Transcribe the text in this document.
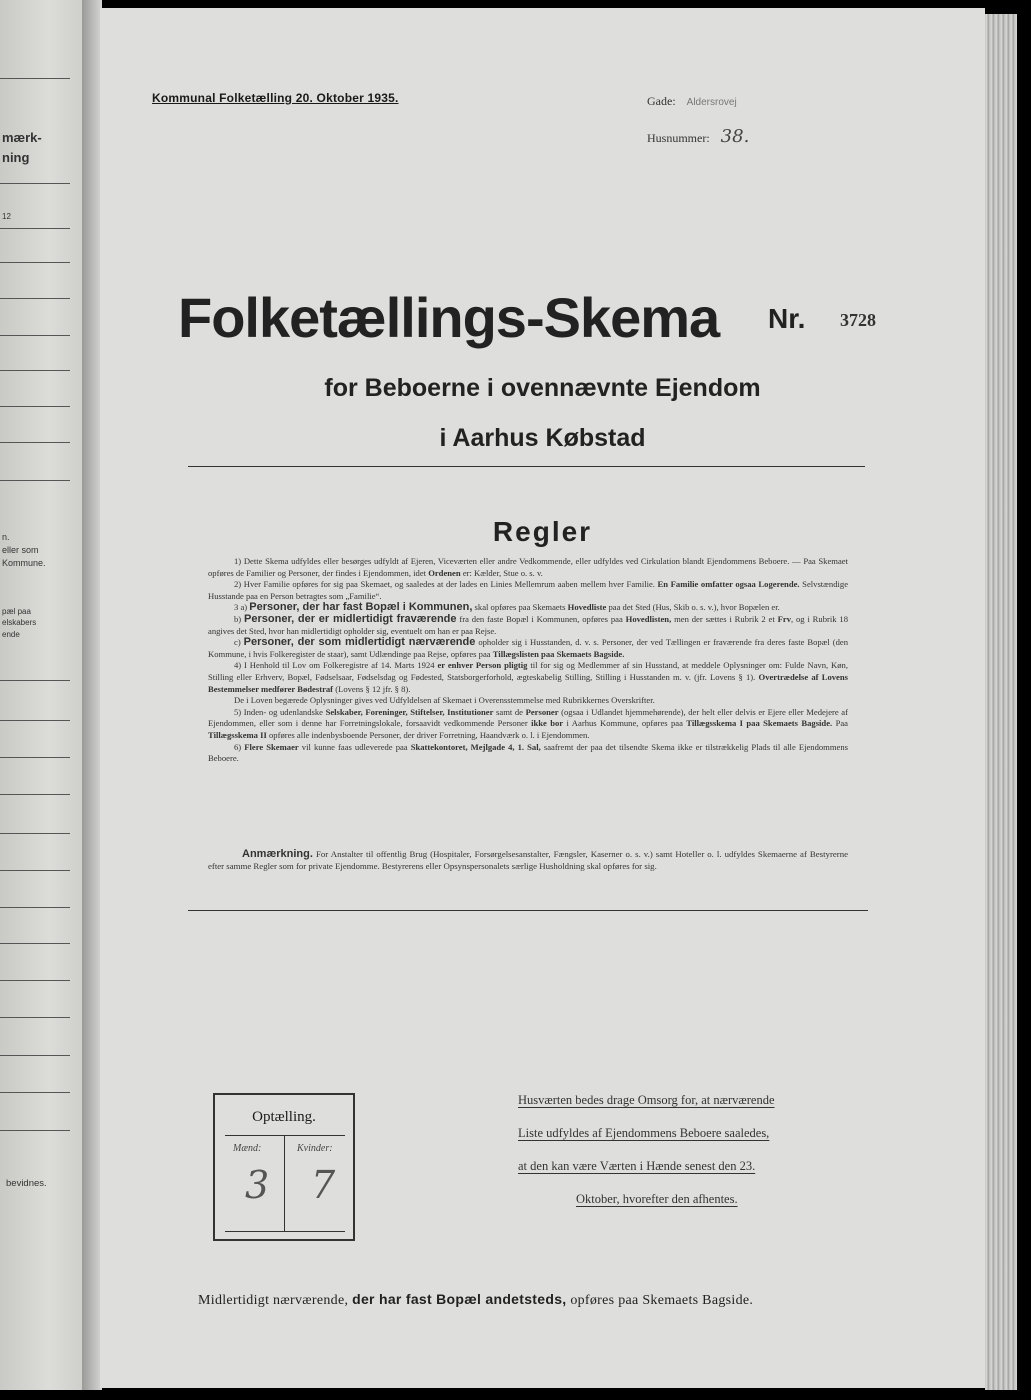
mærk-
ning
12
n.
eller som
Kommune.
pæl paa
elskabers
ende
bevidnes.
Kommunal Folketælling 20. Oktober 1935.	Gade: Aldersrovej
Husnummer: 38.
Folketællings-Skema Nr. 3728
for Beboerne i ovennævnte Ejendom
i Aarhus Købstad
Regler

1) Dette Skema udfyldes eller besørges udfyldt af Ejeren, Viceværten eller andre Vedkommende, eller udfyldes ved Cirkulation blandt Ejendommens Beboere. — Paa Skemaet opføres de Familier og Personer, der findes i Ejendommen, idet Ordenen er: Kælder, Stue o. s. v.

2) Hver Familie opføres for sig paa Skemaet, og saaledes at der lades en Linies Mellemrum aaben mellem hver Familie. En Familie omfatter ogsaa Logerende. Selvstændige Husstande paa en Person betragtes som „Familie“.

3 a) Personer, der har fast Bopæl i Kommunen, skal opføres paa Skemaets Hovedliste paa det Sted (Hus, Skib o. s. v.), hvor Bopælen er.

b) Personer, der er midlertidigt fraværende fra den faste Bopæl i Kommunen, opføres paa Hovedlisten, men der sættes i Rubrik 2 et Frv, og i Rubrik 18 angives det Sted, hvor han midlertidigt opholder sig, eventuelt om han er paa Rejse.

c) Personer, der som midlertidigt nærværende opholder sig i Husstanden, d. v. s. Personer, der ved Tællingen er fraværende fra deres faste Bopæl (den Kommune, i hvis Folkeregister de staar), samt Udlændinge paa Rejse, opføres paa Tillægslisten paa Skemaets Bagside.

4) I Henhold til Lov om Folkeregistre af 14. Marts 1924 er enhver Person pligtig til for sig og Medlemmer af sin Husstand, at meddele Oplysninger om: Fulde Navn, Køn, Stilling eller Erhverv, Bopæl, Fødselsaar, Fødselsdag og Fødested, Statsborgerforhold, ægteskabelig Stilling, Stilling i Husstanden m. v. (jfr. Lovens § 1). Overtrædelse af Lovens Bestemmelser medfører Bødestraf (Lovens § 12 jfr. § 8).

De i Loven begærede Oplysninger gives ved Udfyldelsen af Skemaet i Overensstemmelse med Rubrikkernes Overskrifter.

5) Inden- og udenlandske Selskaber, Foreninger, Stiftelser, Institutioner samt de Personer (ogsaa i Udlandet hjemmehørende), der helt eller delvis er Ejere eller Medejere af Ejendommen, eller som i denne har Forretningslokale, forsaavidt vedkommende Personer ikke bor i Aarhus Kommune, opføres paa Tillægsskema I paa Skemaets Bagside. Paa Tillægsskema II opføres alle indenbysboende Personer, der driver Forretning, Haandværk o. l. i Ejendommen.

6) Flere Skemaer vil kunne faas udleverede paa Skattekontoret, Mejlgade 4, 1. Sal, saafremt der paa det tilsendte Skema ikke er tilstrækkelig Plads til alle Ejendommens Beboere.

Anmærkning. For Anstalter til offentlig Brug (Hospitaler, Forsørgelsesanstalter, Fængsler, Kaserner o. s. v.) samt Hoteller o. l. udfyldes Skemaerne af Bestyrerne efter samme Regler som for private Ejendomme. Bestyrerens eller Opsynspersonalets særlige Husholdning skal opføres for sig.
Optælling.
Mænd:	Kvinder:
3 7
Husværten bedes drage Omsorg for, at nærværende
Liste udfyldes af Ejendommens Beboere saaledes,
at den kan være Værten i Hænde senest den 23.
Oktober, hvorefter den afhentes.
Midlertidigt nærværende, der har fast Bopæl andetsteds, opføres paa Skemaets Bagside.
